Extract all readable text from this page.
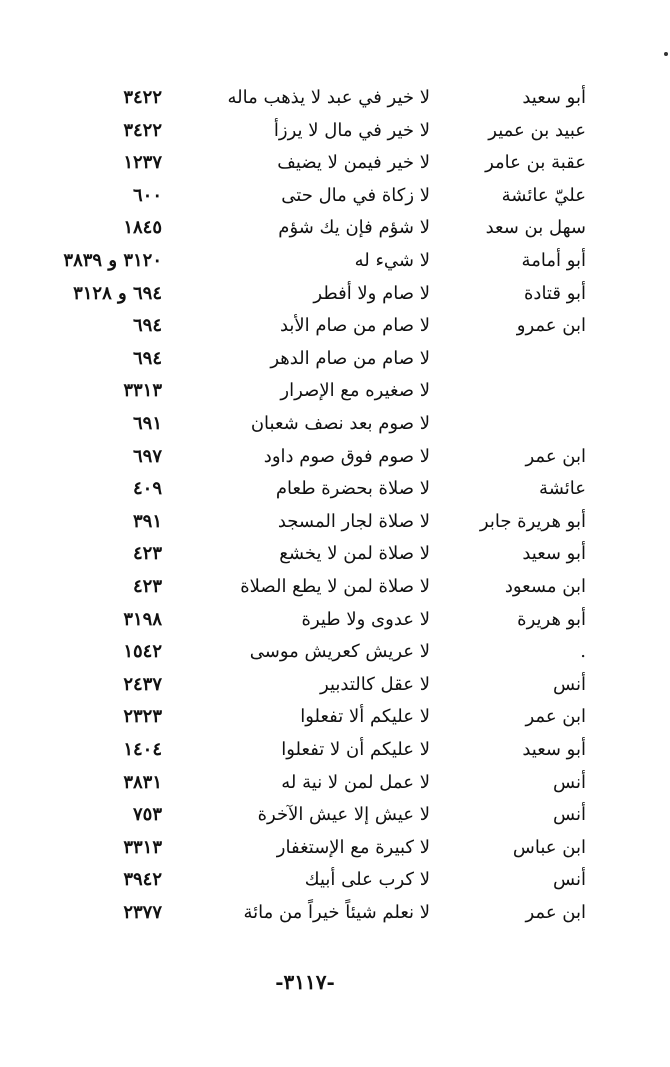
أبو سعيد
لا خير في عبد لا يذهب ماله
٣٤٢٢
عبيد بن عمير
لا خير في مال لا يرزأ
٣٤٢٢
عقبة بن عامر
لا خير فيمن لا يضيف
١٢٣٧
عليّ عائشة
لا زكاة في مال حتى
٦٠٠
سهل بن سعد
لا شؤم فإن يك شؤم
١٨٤٥
أبو أمامة
لا شيء له
٣١٢٠ و ٣٨٣٩
أبو قتادة
لا صام ولا أفطر
٦٩٤ و ٣١٢٨
ابن عمرو
لا صام من صام الأبد
٦٩٤
لا صام من صام الدهر
٦٩٤
لا صغيره مع الإصرار
٣٣١٣
لا صوم بعد نصف شعبان
٦٩١
ابن عمر
لا صوم فوق صوم داود
٦٩٧
عائشة
لا صلاة بحضرة طعام
٤٠٩
أبو هريرة جابر
لا صلاة لجار المسجد
٣٩١
أبو سعيد
لا صلاة لمن لا يخشع
٤٢٣
ابن مسعود
لا صلاة لمن لا يطع الصلاة
٤٢٣
أبو هريرة
لا عدوى ولا طيرة
٣١٩٨
.
لا عريش كعريش موسى
١٥٤٢
أنس
لا عقل كالتدبير
٢٤٣٧
ابن عمر
لا عليكم ألا تفعلوا
٢٣٢٣
أبو سعيد
لا عليكم أن لا تفعلوا
١٤٠٤
أنس
لا عمل لمن لا نية له
٣٨٣١
أنس
لا عيش إلا عيش الآخرة
٧٥٣
ابن عباس
لا كبيرة مع الإستغفار
٣٣١٣
أنس
لا كرب على أبيك
٣٩٤٢
ابن عمر
لا نعلم شيئاً خيراً من مائة
٢٣٧٧
-٣١١٧-
